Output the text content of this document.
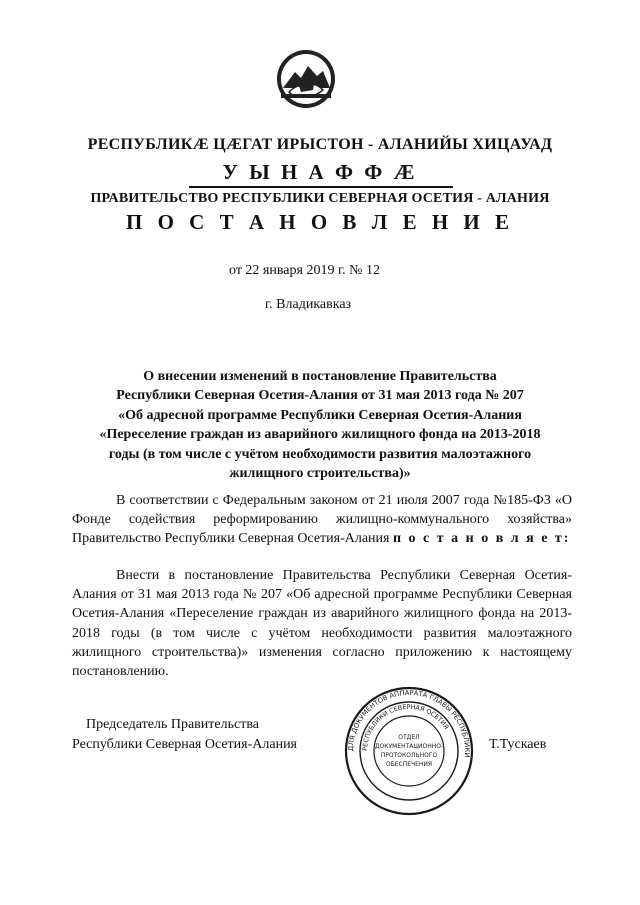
РЕСПУБЛИКÆ ЦÆГАТ ИРЫСТОН - АЛАНИЙЫ ХИЦАУАД
У Ы Н А Ф Ф Æ
ПРАВИТЕЛЬСТВО РЕСПУБЛИКИ СЕВЕРНАЯ ОСЕТИЯ - АЛАНИЯ
П О С Т А Н О В Л Е Н И Е
от 22 января 2019 г. № 12
г. Владикавказ
О внесении изменений в постановление Правительства
Республики Северная Осетия-Алания от 31 мая 2013 года № 207
«Об адресной программе Республики Северная Осетия-Алания
«Переселение граждан из аварийного жилищного фонда на 2013-2018
годы (в том числе с учётом необходимости развития малоэтажного
жилищного строительства)»
В соответствии с Федеральным законом от 21 июля 2007 года №185-ФЗ «О Фонде содействия реформированию жилищно-коммунального хозяйства» Правительство Республики Северная Осетия-Алания п о с т а н о в л я е т:
Внести в постановление Правительства Республики Северная Осетия-Алания от 31 мая 2013 года № 207 «Об адресной программе Республики Северная Осетия-Алания «Переселение граждан из аварийного жилищного фонда на 2013-2018 годы (в том числе с учётом необходимости развития малоэтажного жилищного строительства)» изменения согласно приложению к настоящему постановлению.
Председатель Правительства
Республики Северная Осетия-Алания	Т.Тускаев
ДЛЯ ДОКУМЕНТОВ АППАРАТА ГЛАВЫ РЕСПУБЛИКИ
РЕСПУБЛИКИ СЕВЕРНАЯ ОСЕТИЯ
ОТДЕЛ
ДОКУМЕНТАЦИОННО-
ПРОТОКОЛЬНОГО
ОБЕСПЕЧЕНИЯ
